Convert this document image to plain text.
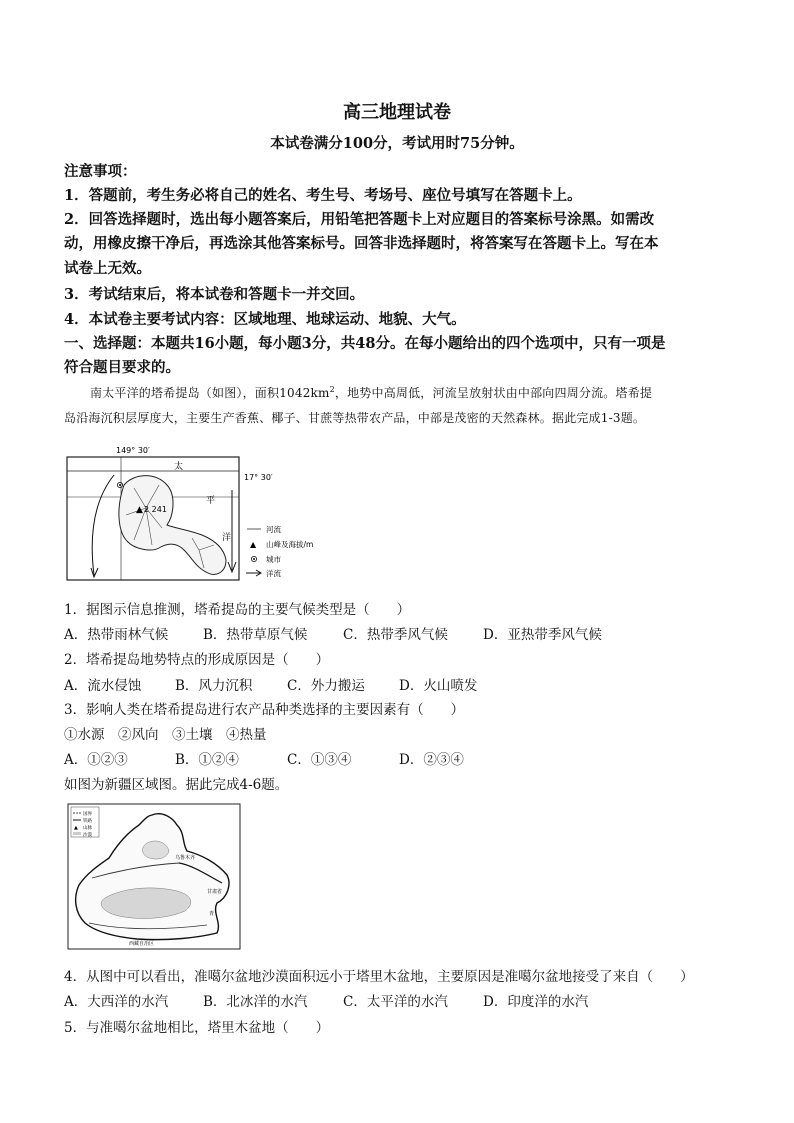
高三地理试卷
本试卷满分100分，考试用时75分钟。
注意事项：
1．答题前，考生务必将自己的姓名、考生号、考场号、座位号填写在答题卡上。
2．回答选择题时，选出每小题答案后，用铅笔把答题卡上对应题目的答案标号涂黑。如需改
动，用橡皮擦干净后，再选涂其他答案标号。回答非选择题时，将答案写在答题卡上。写在本
试卷上无效。
3．考试结束后，将本试卷和答题卡一并交回。
4．本试卷主要考试内容：区域地理、地球运动、地貌、大气。
一、选择题：本题共16小题，每小题3分，共48分。在每小题给出的四个选项中，只有一项是
符合题目要求的。
南太平洋的塔希提岛（如图），面积$1042km^2$，地势中高周低，河流呈放射状由中部向四周分流。塔希提
岛沿海沉积层厚度大，主要生产香蕉、椰子、甘蔗等热带农产品，中部是茂密的天然森林。据此完成1-3题。
149° 30′
17° 30′
▲ 2 241
太
平
洋
河流
▲ 山峰及海拔/m
城市
洋流
1．据图示信息推测，塔希提岛的主要气候类型是（　　）
A．热带雨林气候	B．热带草原气候	C．热带季风气候	D．亚热带季风气候
2．塔希提岛地势特点的形成原因是（　　）
A．流水侵蚀	B．风力沉积	C．外力搬运	D．火山喷发
3．影响人类在塔希提岛进行农产品种类选择的主要因素有（　　）
①水源　②风向　③土壤　④热量
A．①②③	B．①②④	C．①③④	D．②③④
如图为新疆区域图。据此完成4-6题。
国界
铁路
▲ 山脉
沙漠
乌鲁木齐
甘肃省
青
西藏自治区
4．从图中可以看出，准噶尔盆地沙漠面积远小于塔里木盆地，主要原因是准噶尔盆地接受了来自（　　）
A．大西洋的水汽	B．北冰洋的水汽	C．太平洋的水汽	D．印度洋的水汽
5．与准噶尔盆地相比，塔里木盆地（　　）
